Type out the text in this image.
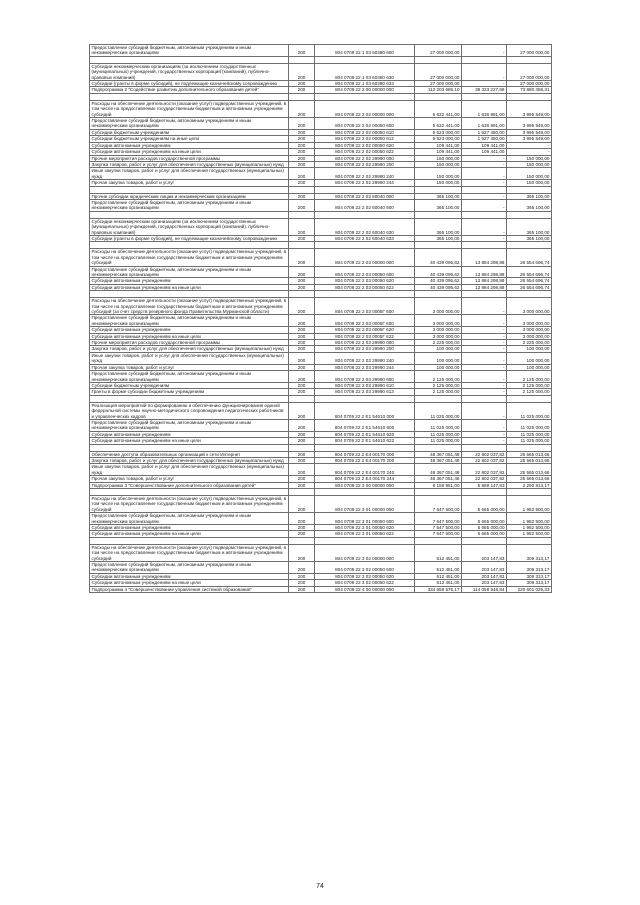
Предоставление субсидий бюджетным, автономным учреждениям и иным некоммерческим организациям	200	804 0709 22 1 03 60380 600	27 000 000,00	-	27 000 000,00

Субсидии некоммерческим организациям (за исключением государственных (муниципальных) учреждений, государственных корпораций (компаний), публично-правовых компаний)	200	804 0709 22 1 03 60380 630	27 000 000,00	-	27 000 000,00
Субсидии (гранты в форме субсидий), не подлежащие казначейскому сопровождению	200	804 0709 22 1 03 60380 633	27 000 000,00	-	27 000 000,00
Подпрограмма 2 "Содействие развитию дополнительного образования детей"	200	804 0709 22 2 00 00000 000	112 203 686,10	38 323 227,69	73 880 458,31

Расходы на обеспечение деятельности (оказание услуг) подведомственных учреждений, в том числе на предоставление государственным бюджетным и автономным учреждениям субсидий	200	804 0709 22 2 02 00000 000	5 632 441,00	1 636 891,00	3 995 549,00
Предоставление субсидий бюджетным, автономным учреждениям и иным некоммерческим организациям	200	804 0709 22 2 02 00050 600	5 632 441,00	1 636 891,00	3 995 549,00
Субсидии бюджетным учреждениям	200	804 0709 22 2 02 00050 610	5 523 000,00	1 527 450,00	3 995 549,00
Субсидии бюджетным учреждениям на иные цели	200	804 0709 22 2 02 00050 612	5 523 000,00	1 527 450,00	3 995 549,00
Субсидии автономным учреждениям	200	804 0709 22 2 02 00050 620	109 441,00	109 441,00	-
Субсидии автономным учреждениям на иные цели	200	804 0709 22 2 02 00050 622	109 441,00	109 441,00	-
Прочие мероприятия расходов государственной программы	200	804 0709 22 2 02 29990 000	150 000,00	-	150 000,00
Закупка товаров, работ и услуг для обеспечения государственных (муниципальных) нужд	200	804 0709 22 2 02 29990 200	150 000,00	-	150 000,00
Иные закупки товаров, работ и услуг для обеспечения государственных (муниципальных) нужд	200	804 0709 22 2 02 29990 240	150 000,00	-	150 000,00
Прочая закупка товаров, работ и услуг	200	804 0709 22 2 02 29990 244	150 000,00	-	150 000,00

Прочие субсидии юридическим лицам и некоммерческим организациям	200	804 0709 22 2 02 60040 000	365 100,00	-	365 100,00
Предоставление субсидий бюджетным, автономным учреждениям и иным некоммерческим организациям	200	804 0709 22 2 02 60040 600	365 100,00	-	365 100,00

Субсидии некоммерческим организациям (за исключением государственных (муниципальных) учреждений, государственных корпораций (компаний), публично-правовых компаний)	200	804 0709 22 2 02 60040 630	365 100,00	-	365 100,00
Субсидии (гранты в форме субсидий), не подлежащие казначейскому сопровождению	200	804 0709 22 2 02 60040 633	365 100,00	-	365 100,00

Расходы на обеспечение деятельности (оказание услуг) подведомственных учреждений, в том числе на предоставление государственным бюджетным и автономным учреждениям субсидий	200	804 0709 22 2 03 00000 000	40 439 095,62	13 884 298,88	26 554 696,74
Предоставление субсидий бюджетным, автономным учреждениям и иным некоммерческим организациям	200	804 0709 22 2 03 00050 600	40 439 095,62	13 884 298,88	26 554 696,74
Субсидии автономным учреждениям	200	804 0709 22 2 03 00050 620	40 439 095,62	13 884 298,88	26 554 696,74
Субсидии автономным учреждениям на иные цели	200	804 0709 22 2 03 00050 622	40 439 095,62	13 884 298,88	26 554 696,74

Расходы на обеспечение деятельности (оказание услуг) подведомственных учреждений, в том числе на предоставление государственным бюджетным и автономным учреждениям субсидий (за счет средств резервного фонда Правительства Мурманской области)	200	804 0709 22 2 03 0005Г 600	3 000 000,00	-	3 000 000,00
Предоставление субсидий бюджетным, автономным учреждениям и иным некоммерческим организациям	200	804 0709 22 2 03 0005Г 600	3 000 000,00	-	3 000 000,00
Субсидии автономным учреждениям	200	804 0709 22 2 03 0005Г 620	3 000 000,00	-	3 000 000,00
Субсидии автономным учреждениям на иные цели	200	804 0709 22 2 03 0005Г 622	3 000 000,00	-	3 000 000,00
Прочие мероприятия расходов государственной программы	200	804 0709 22 2 03 29990 000	2 225 000,00	-	2 225 000,00
Закупка товаров, работ и услуг для обеспечения государственных (муниципальных) нужд	200	804 0709 22 2 03 29990 200	100 000,00	-	100 000,00
Иные закупки товаров, работ и услуг для обеспечения государственных (муниципальных) нужд	200	804 0709 22 2 03 29990 240	100 000,00	-	100 000,00
Прочая закупка товаров, работ и услуг	200	804 0709 22 2 03 29990 244	100 000,00	-	100 000,00
Предоставление субсидий бюджетным, автономным учреждениям и иным некоммерческим организациям	200	804 0709 22 2 03 29990 600	2 125 000,00	-	2 125 000,00
Субсидии бюджетным учреждениям	200	804 0709 22 2 03 29990 610	2 125 000,00	-	2 125 000,00
Гранты в форме субсидии бюджетным учреждениям	200	804 0709 22 2 03 29990 613	2 125 000,00	-	2 125 000,00

Реализация мероприятий по формированию и обеспечению функционирования единой федеральной системы научно-методического сопровождения педагогических работников и управленческих кадров	200	804 0709 22 2 E1 54610 000	11 025 000,00	-	11 025 000,00
Предоставление субсидий бюджетным, автономным учреждениям и иным некоммерческим организациям	200	804 0709 22 2 E1 54610 600	11 025 000,00	-	11 025 000,00
Субсидии автономным учреждениям	200	804 0709 22 2 E1 54610 620	11 025 000,00	-	11 025 000,00
Субсидии автономным учреждениям на иные цели	200	804 0709 22 2 E1 54610 622	11 025 000,00	-	11 025 000,00

Обеспечение доступа образовательных организаций к сети Интернет	200	804 0709 22 2 E4 00170 000	48 367 051,48	22 802 037,82	25 565 013,66
Закупка товаров, работ и услуг для обеспечения государственных (муниципальных) нужд	200	804 0709 22 2 E4 00170 200	48 367 051,48	22 802 037,82	25 565 013,66
Иные закупки товаров, работ и услуг для обеспечения государственных (муниципальных) нужд	200	804 0709 22 2 E4 00170 240	48 367 051,48	22 802 037,82	25 565 013,66
Прочая закупка товаров, работ и услуг	200	804 0709 22 2 E4 00170 244	48 367 051,48	22 802 037,82	25 565 013,66
Подпрограмма 3 "Совершенствование дополнительного образования детей"	200	804 0709 22 3 00 00000 000	8 159 951,00	5 869 147,83	2 290 813,17

Расходы на обеспечение деятельности (оказание услуг) подведомственных учреждений, в том числе на предоставление государственным бюджетным и автономным учреждениям субсидий	200	804 0709 22 3 01 00000 000	7 647 500,00	5 665 000,00	1 982 500,00
Предоставление субсидий бюджетным, автономным учреждениям и иным некоммерческим организациям	200	804 0709 22 3 01 00050 600	7 647 500,00	5 665 000,00	1 982 500,00
Субсидии автономным учреждениям	200	804 0709 22 3 01 00050 620	7 647 500,00	5 665 000,00	1 982 500,00
Субсидии автономным учреждениям на иные цели	200	804 0709 22 3 01 00050 622	7 647 500,00	5 665 000,00	1 982 500,00

Расходы на обеспечение деятельности (оказание услуг) подведомственных учреждений, в том числе на предоставление государственным бюджетным и автономным учреждениям субсидий	200	804 0709 22 3 02 00000 000	512 451,00	203 147,83	309 313,17
Предоставление субсидий бюджетным, автономным учреждениям и иным некоммерческим организациям	200	804 0709 22 3 02 00050 600	512 451,00	203 147,83	309 313,17
Субсидии автономным учреждениям	200	804 0709 22 3 02 00050 620	512 451,00	203 147,83	309 313,17
Субсидии автономным учреждениям на иные цели	200	804 0709 22 3 02 00050 622	512 451,00	203 147,83	309 313,17
Подпрограмма 4 "Совершенствование управления системой образования"	200	804 0709 22 4 00 00000 000	334 659 576,17	114 058 548,84	220 601 025,33
74
